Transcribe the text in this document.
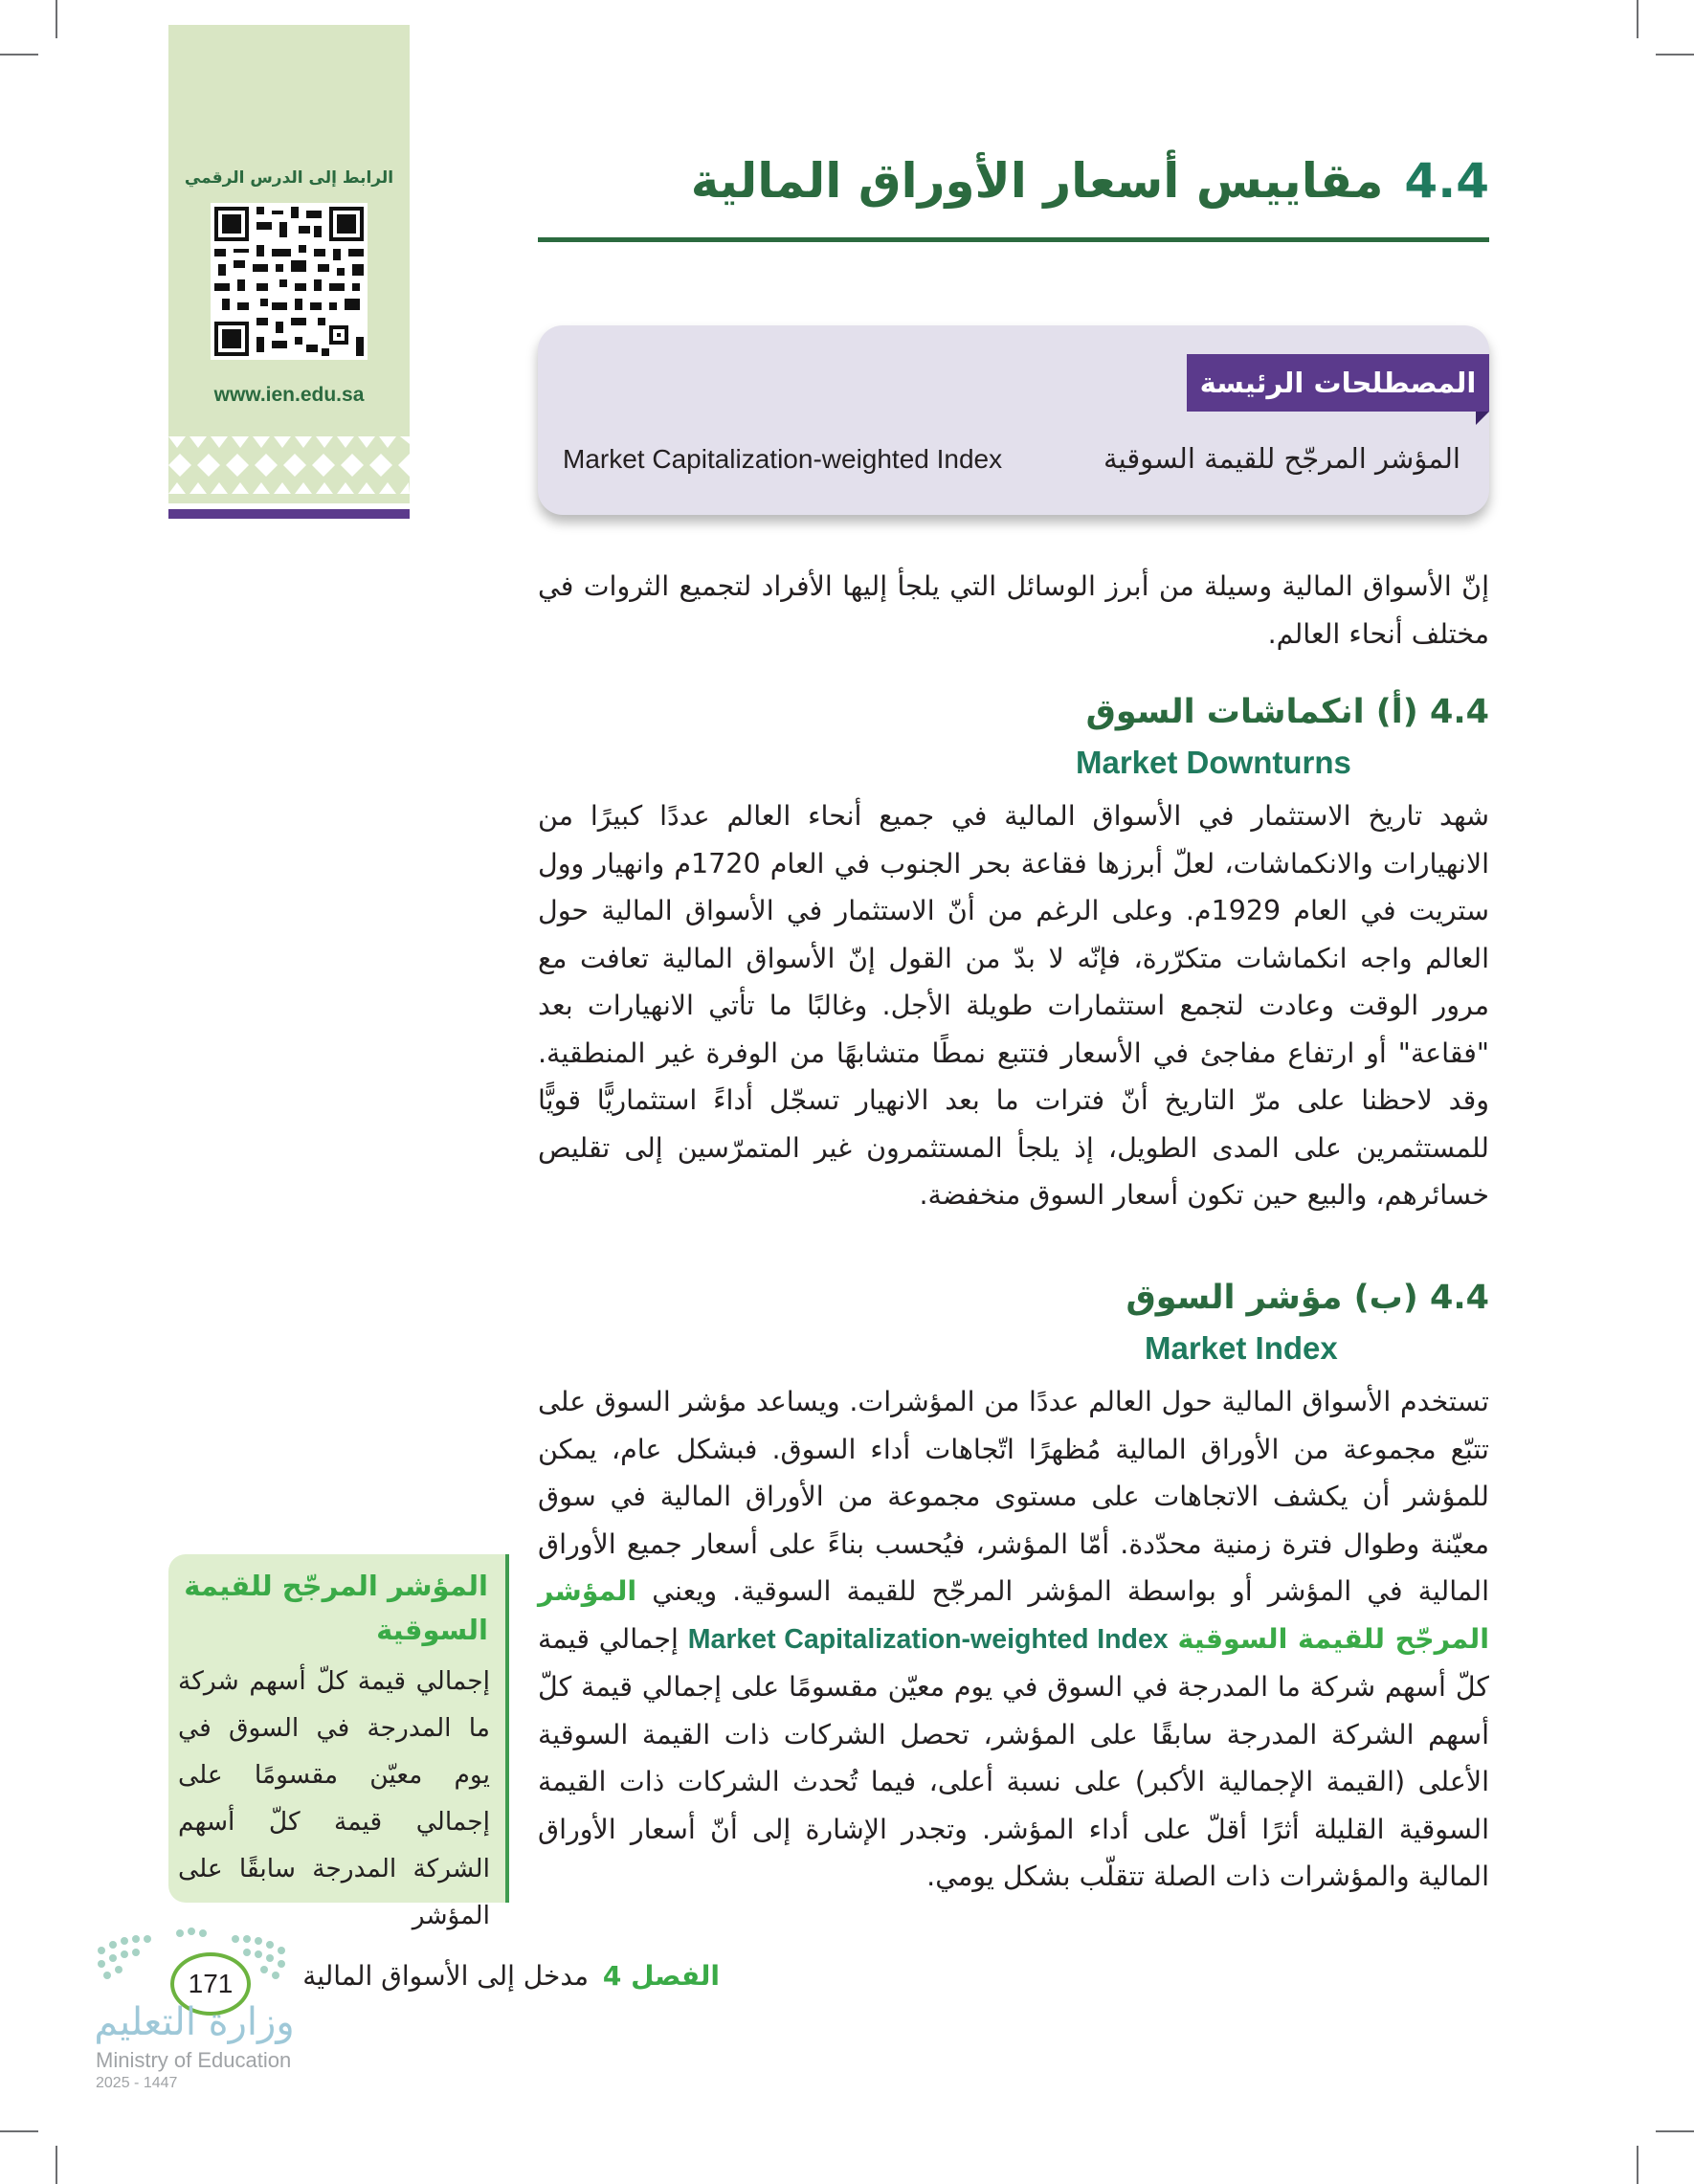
الرابط إلى الدرس الرقمي
www.ien.edu.sa
4.4مقاييس أسعار الأوراق المالية
المصطلحات الرئيسة
المؤشر المرجّح للقيمة السوقية
Market Capitalization-weighted Index

إنّ الأسواق المالية وسيلة من أبرز الوسائل التي يلجأ إليها الأفراد لتجميع الثروات في مختلف أنحاء العالم.

4.4 (أ) انكماشات السوق
Market Downturns

شهد تاريخ الاستثمار في الأسواق المالية في جميع أنحاء العالم عددًا كبيرًا من الانهيارات والانكماشات، لعلّ أبرزها فقاعة بحر الجنوب في العام 1720م وانهيار وول ستريت في العام 1929م. وعلى الرغم من أنّ الاستثمار في الأسواق المالية حول العالم واجه انكماشات متكرّرة، فإنّه لا بدّ من القول إنّ الأسواق المالية تعافت مع مرور الوقت وعادت لتجمع استثمارات طويلة الأجل. وغالبًا ما تأتي الانهيارات بعد "فقاعة" أو ارتفاع مفاجئ في الأسعار فتتبع نمطًا متشابهًا من الوفرة غير المنطقية. وقد لاحظنا على مرّ التاريخ أنّ فترات ما بعد الانهيار تسجّل أداءً استثماريًّا قويًّا للمستثمرين على المدى الطويل، إذ يلجأ المستثمرون غير المتمرّسين إلى تقليص خسائرهم، والبيع حين تكون أسعار السوق منخفضة.

4.4 (ب) مؤشر السوق
Market Index

تستخدم الأسواق المالية حول العالم عددًا من المؤشرات. ويساعد مؤشر السوق على تتبّع مجموعة من الأوراق المالية مُظهرًا اتّجاهات أداء السوق. فبشكل عام، يمكن للمؤشر أن يكشف الاتجاهات على مستوى مجموعة من الأوراق المالية في سوق معيّنة وطوال فترة زمنية محدّدة. أمّا المؤشر، فيُحسب بناءً على أسعار جميع الأوراق المالية في المؤشر أو بواسطة المؤشر المرجّح للقيمة السوقية. ويعني المؤشر المرجّح للقيمة السوقية Market Capitalization-weighted Index إجمالي قيمة كلّ أسهم شركة ما المدرجة في السوق في يوم معيّن مقسومًا على إجمالي قيمة كلّ أسهم الشركة المدرجة سابقًا على المؤشر، تحصل الشركات ذات القيمة السوقية الأعلى (القيمة الإجمالية الأكبر) على نسبة أعلى، فيما تُحدث الشركات ذات القيمة السوقية القليلة أثرًا أقلّ على أداء المؤشر. وتجدر الإشارة إلى أنّ أسعار الأوراق المالية والمؤشرات ذات الصلة تتقلّب بشكل يومي.

المؤشر المرجّح للقيمة السوقية

إجمالي قيمة كلّ أسهم شركة ما المدرجة في السوق في يوم معيّن مقسومًا على إجمالي قيمة كلّ أسهم الشركة المدرجة سابقًا على المؤشر

الفصل 4 مدخل إلى الأسواق المالية
171
وزارة التعليم
Ministry of Education
2025 - 1447
